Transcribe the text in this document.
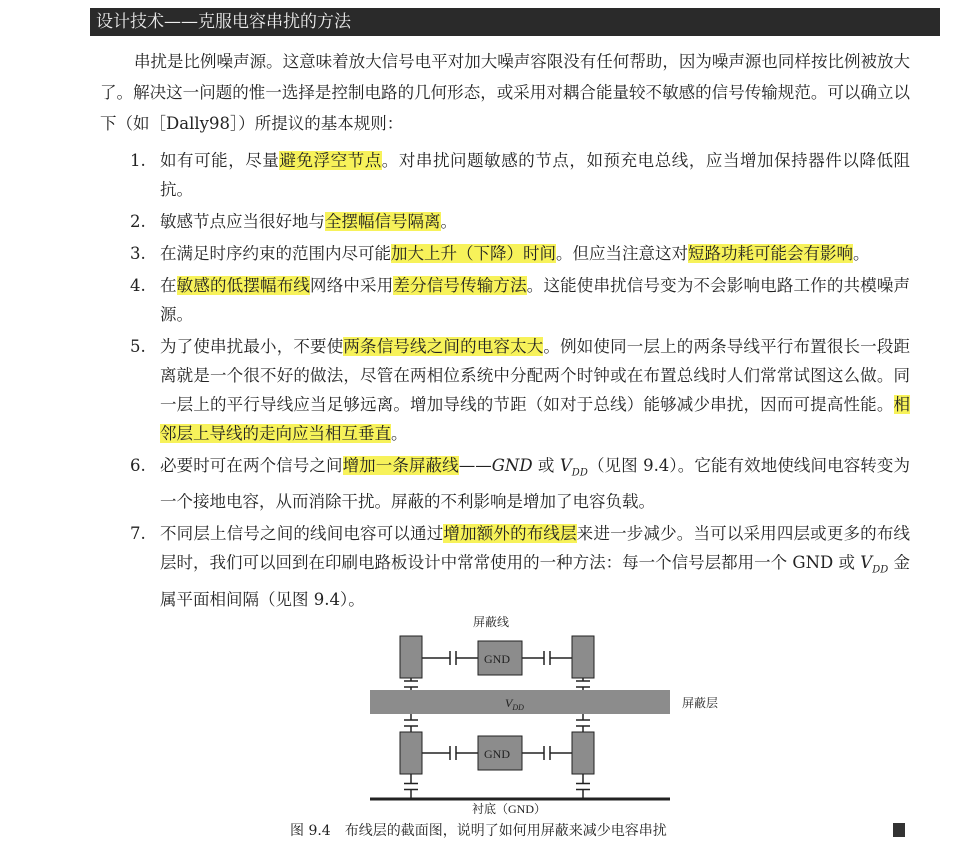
设计技术——克服电容串扰的方法

串扰是比例噪声源。这意味着放大信号电平对加大噪声容限没有任何帮助，因为噪声源也同样按比例被放大了。解决这一问题的惟一选择是控制电路的几何形态，或采用对耦合能量较不敏感的信号传输规范。可以确立以下（如［Dally98］）所提议的基本规则：

1. 如有可能，尽量避免浮空节点。对串扰问题敏感的节点，如预充电总线，应当增加保持器件以降低阻抗。
2. 敏感节点应当很好地与全摆幅信号隔离。
3. 在满足时序约束的范围内尽可能加大上升（下降）时间。但应当注意这对短路功耗可能会有影响。
4. 在敏感的低摆幅布线网络中采用差分信号传输方法。这能使串扰信号变为不会影响电路工作的共模噪声源。
5. 为了使串扰最小，不要使两条信号线之间的电容太大。例如使同一层上的两条导线平行布置很长一段距离就是一个很不好的做法，尽管在两相位系统中分配两个时钟或在布置总线时人们常常试图这么做。同一层上的平行导线应当足够远离。增加导线的节距（如对于总线）能够减少串扰，因而可提高性能。相邻层上导线的走向应当相互垂直。
6. 必要时可在两个信号之间增加一条屏蔽线——GND 或 $V_{DD}$（见图 9.4）。它能有效地使线间电容转变为一个接地电容，从而消除干扰。屏蔽的不利影响是增加了电容负载。
7. 不同层上信号之间的线间电容可以通过增加额外的布线层来进一步减少。当可以采用四层或更多的布线层时，我们可以回到在印刷电路板设计中常常使用的一种方法：每一个信号层都用一个 GND 或 $V_{DD}$ 金属平面相间隔（见图 9.4）。
屏蔽线
GND
GND
$V_{DD}$	屏蔽层
衬底（GND）
图 9.4　布线层的截面图，说明了如何用屏蔽来减少电容串扰
